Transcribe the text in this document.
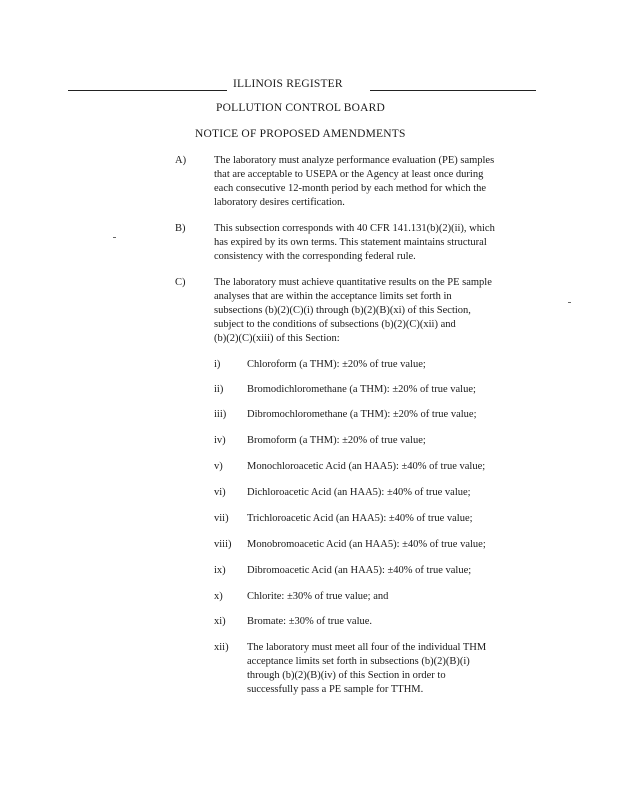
ILLINOIS REGISTER
POLLUTION CONTROL BOARD
NOTICE OF PROPOSED AMENDMENTS
A)	The laboratory must analyze performance evaluation (PE) samples
that are acceptable to USEPA or the Agency at least once during
each consecutive 12-month period by each method for which the
laboratory desires certification.
B)	This subsection corresponds with 40 CFR 141.131(b)(2)(ii), which
has expired by its own terms. This statement maintains structural
consistency with the corresponding federal rule.
C)	The laboratory must achieve quantitative results on the PE sample
analyses that are within the acceptance limits set forth in
subsections (b)(2)(C)(i) through (b)(2)(B)(xi) of this Section,
subject to the conditions of subsections (b)(2)(C)(xii) and
(b)(2)(C)(xiii) of this Section:
i)	Chloroform (a THM): ±20% of true value;
ii) Bromodichloromethane (a THM): ±20% of true value;
iii) Dibromochloromethane (a THM): ±20% of true value;
iv) Bromoform (a THM): ±20% of true value;
v) Monochloroacetic Acid (an HAA5): ±40% of true value;
vi) Dichloroacetic Acid (an HAA5): ±40% of true value;
vii) Trichloroacetic Acid (an HAA5): ±40% of true value;
viii) Monobromoacetic Acid (an HAA5): ±40% of true value;
ix) Dibromoacetic Acid (an HAA5): ±40% of true value;
x) Chlorite: ±30% of true value; and
xi) Bromate: ±30% of true value.
xii) The laboratory must meet all four of the individual THM
acceptance limits set forth in subsections (b)(2)(B)(i)
through (b)(2)(B)(iv) of this Section in order to
successfully pass a PE sample for TTHM.
